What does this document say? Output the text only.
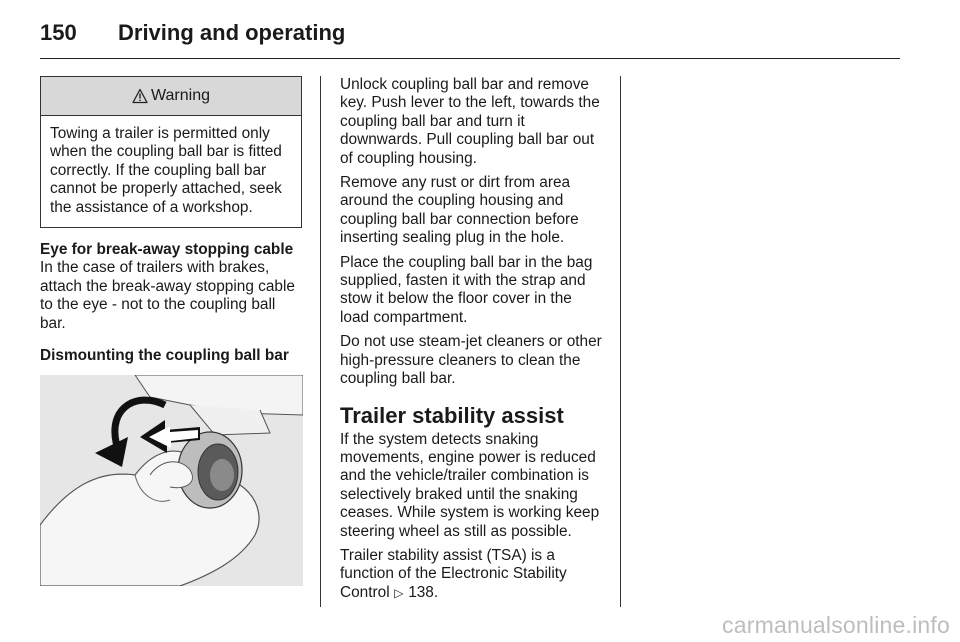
150 Driving and operating
Warning
Towing a trailer is permitted only when the coupling ball bar is fitted correctly. If the coupling ball bar cannot be properly attached, seek the assistance of a workshop.

Eye for break-away stopping cable

In the case of trailers with brakes, attach the break-away stopping cable to the eye - not to the coupling ball bar.

Dismounting the coupling ball bar

Unlock coupling ball bar and remove key. Push lever to the left, towards the coupling ball bar and turn it downwards. Pull coupling ball bar out of coupling housing.

Remove any rust or dirt from area around the coupling housing and coupling ball bar connection before inserting sealing plug in the hole.

Place the coupling ball bar in the bag supplied, fasten it with the strap and stow it below the floor cover in the load compartment.

Do not use steam-jet cleaners or other high-pressure cleaners to clean the coupling ball bar.

Trailer stability assist

If the system detects snaking movements, engine power is reduced and the vehicle/trailer combination is selectively braked until the snaking ceases. While system is working keep steering wheel as still as possible.

Trailer stability assist (TSA) is a function of the Electronic Stability Control ▷ 138.

carmanualsonline.info
